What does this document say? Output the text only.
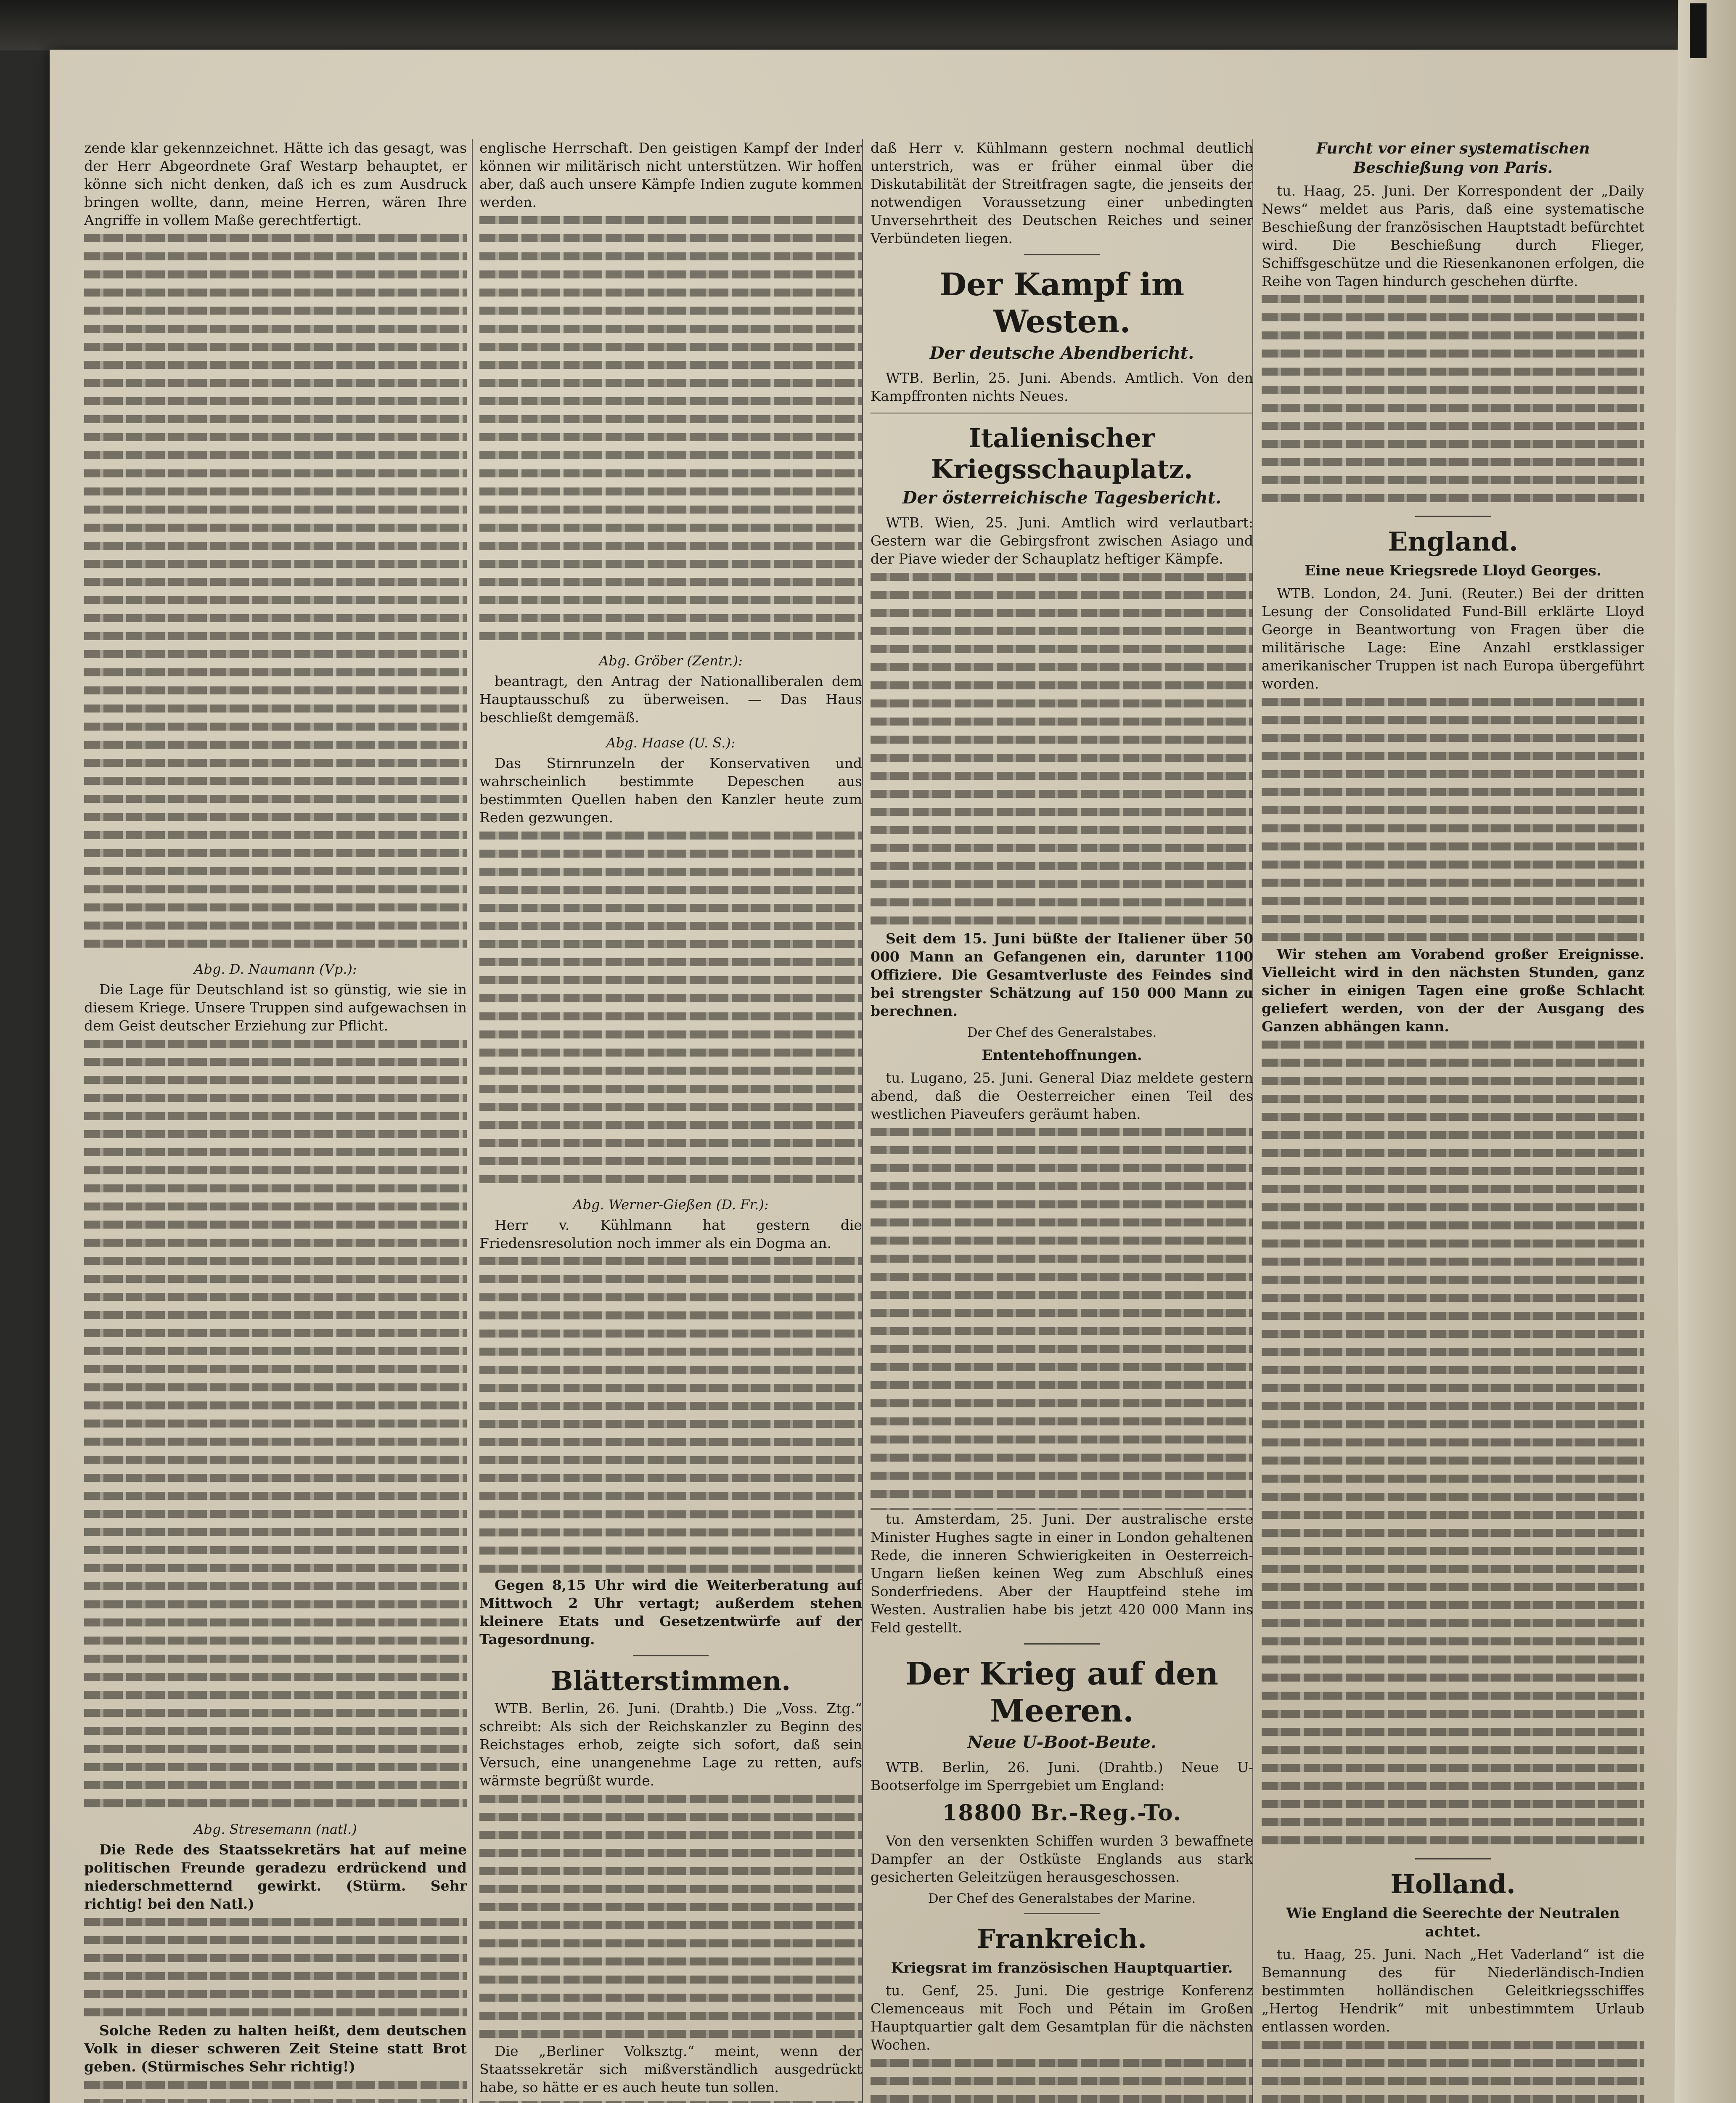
zende klar gekennzeichnet. Hätte ich das gesagt, was der Herr Abgeordnete Graf Westarp behauptet, er könne sich nicht denken, daß ich es zum Ausdruck bringen wollte, dann, meine Herren, wären Ihre Angriffe in vollem Maße gerechtfertigt.

Abg. D. Naumann (Vp.):

Die Lage für Deutschland ist so günstig, wie sie in diesem Kriege. Unsere Truppen sind aufgewachsen in dem Geist deutscher Erziehung zur Pflicht.

Abg. Stresemann (natl.)

Die Rede des Staatssekretärs hat auf meine politischen Freunde geradezu erdrückend und niederschmetternd gewirkt. (Stürm. Sehr richtig! bei den Natl.)

Solche Reden zu halten heißt, dem deutschen Volk in dieser schweren Zeit Steine statt Brot geben. (Stürmisches Sehr richtig!)

englische Herrschaft. Den geistigen Kampf der Inder können wir militärisch nicht unterstützen. Wir hoffen aber, daß auch unsere Kämpfe Indien zugute kommen werden.

Abg. Gröber (Zentr.):

beantragt, den Antrag der Nationalliberalen dem Hauptausschuß zu überweisen. — Das Haus beschließt demgemäß.

Abg. Haase (U. S.):

Das Stirnrunzeln der Konservativen und wahrscheinlich bestimmte Depeschen aus bestimmten Quellen haben den Kanzler heute zum Reden gezwungen.

Abg. Werner-Gießen (D. Fr.):

Herr v. Kühlmann hat gestern die Friedensresolution noch immer als ein Dogma an.

Gegen 8,15 Uhr wird die Weiterberatung auf Mittwoch 2 Uhr vertagt; außerdem stehen kleinere Etats und Gesetzentwürfe auf der Tagesordnung.

Blätterstimmen.

WTB. Berlin, 26. Juni. (Drahtb.) Die „Voss. Ztg.“ schreibt: Als sich der Reichskanzler zu Beginn des Reichstages erhob, zeigte sich sofort, daß sein Versuch, eine unangenehme Lage zu retten, aufs wärmste begrüßt wurde.

Die „Berliner Volksztg.“ meint, wenn der Staatssekretär sich mißverständlich ausgedrückt habe, so hätte er es auch heute tun sollen.

daß Herr v. Kühlmann gestern nochmal deutlich unterstrich, was er früher einmal über die Diskutabilität der Streitfragen sagte, die jenseits der notwendigen Voraussetzung einer unbedingten Unversehrtheit des Deutschen Reiches und seiner Verbündeten liegen.

Der Kampf im Westen.
Der deutsche Abendbericht.

WTB. Berlin, 25. Juni. Abends. Amtlich. Von den Kampffronten nichts Neues.

Italienischer Kriegsschauplatz.
Der österreichische Tagesbericht.

WTB. Wien, 25. Juni. Amtlich wird verlautbart: Gestern war die Gebirgsfront zwischen Asiago und der Piave wieder der Schauplatz heftiger Kämpfe.

Seit dem 15. Juni büßte der Italiener über 50 000 Mann an Gefangenen ein, darunter 1100 Offiziere. Die Gesamtverluste des Feindes sind bei strengster Schätzung auf 150 000 Mann zu berechnen.

Der Chef des Generalstabes.
Ententehoffnungen.

tu. Lugano, 25. Juni. General Diaz meldete gestern abend, daß die Oesterreicher einen Teil des westlichen Piaveufers geräumt haben.

tu. Amsterdam, 25. Juni. Der australische erste Minister Hughes sagte in einer in London gehaltenen Rede, die inneren Schwierigkeiten in Oesterreich-Ungarn ließen keinen Weg zum Abschluß eines Sonderfriedens. Aber der Hauptfeind stehe im Westen. Australien habe bis jetzt 420 000 Mann ins Feld gestellt.

Der Krieg auf den Meeren.
Neue U-Boot-Beute.

WTB. Berlin, 26. Juni. (Drahtb.) Neue U-Bootserfolge im Sperrgebiet um England:

18800 Br.-Reg.-To.

Von den versenkten Schiffen wurden 3 bewaffnete Dampfer an der Ostküste Englands aus stark gesicherten Geleitzügen herausgeschossen.

Der Chef des Generalstabes der Marine.
Frankreich.
Kriegsrat im französischen Hauptquartier.

tu. Genf, 25. Juni. Die gestrige Konferenz Clemenceaus mit Foch und Pétain im Großen Hauptquartier galt dem Gesamtplan für die nächsten Wochen.

Furcht vor einer systematischen Beschießung von Paris.

tu. Haag, 25. Juni. Der Korrespondent der „Daily News“ meldet aus Paris, daß eine systematische Beschießung der französischen Hauptstadt befürchtet wird. Die Beschießung durch Flieger, Schiffsgeschütze und die Riesenkanonen erfolgen, die Reihe von Tagen hindurch geschehen dürfte.

England.
Eine neue Kriegsrede Lloyd Georges.

WTB. London, 24. Juni. (Reuter.) Bei der dritten Lesung der Consolidated Fund-Bill erklärte Lloyd George in Beantwortung von Fragen über die militärische Lage: Eine Anzahl erstklassiger amerikanischer Truppen ist nach Europa übergeführt worden.

Wir stehen am Vorabend großer Ereignisse. Vielleicht wird in den nächsten Stunden, ganz sicher in einigen Tagen eine große Schlacht geliefert werden, von der der Ausgang des Ganzen abhängen kann.

Holland.
Wie England die Seerechte der Neutralen achtet.

tu. Haag, 25. Juni. Nach „Het Vaderland“ ist die Bemannung des für Niederländisch-Indien bestimmten holländischen Geleitkriegsschiffes „Hertog Hendrik“ mit unbestimmtem Urlaub entlassen worden.
